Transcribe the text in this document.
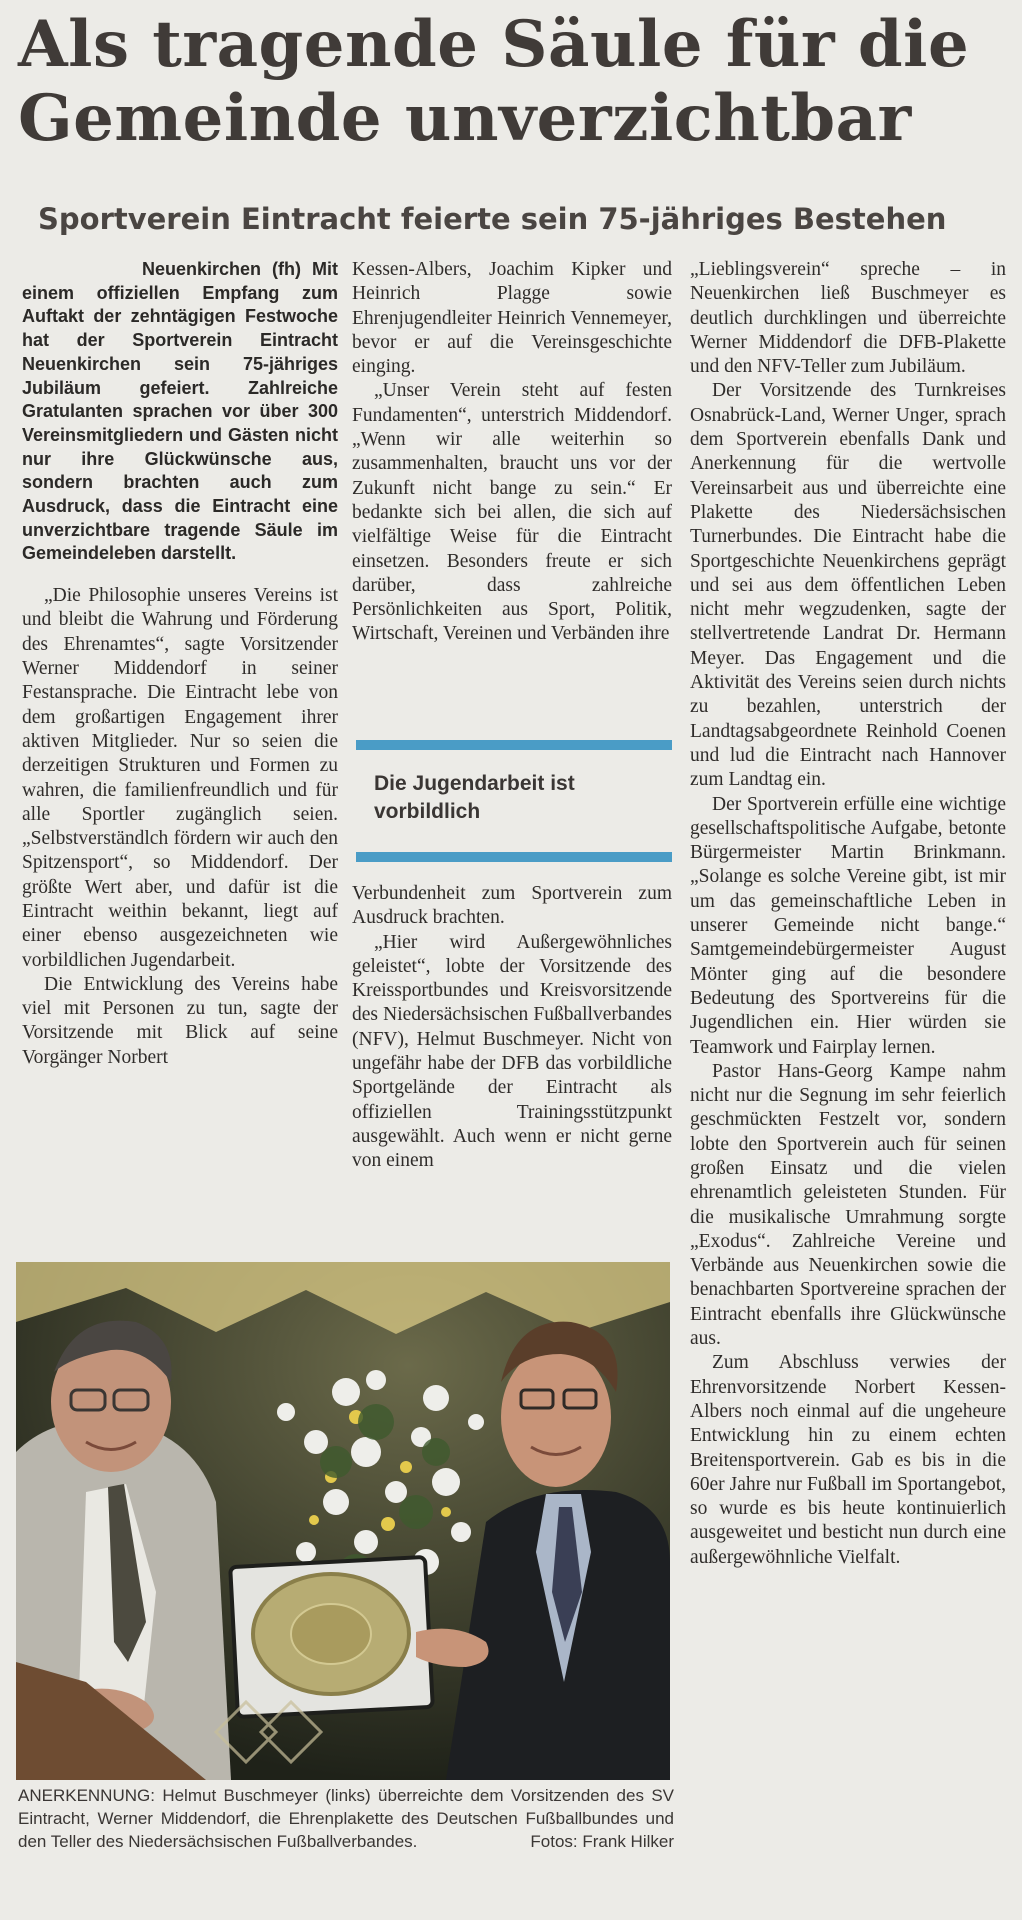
Als tragende Säule für die
Gemeinde unverzichtbar
Sportverein Eintracht feierte sein 75-jähriges Bestehen

Neuenkirchen (fh) Mit einem offiziellen Empfang zum Auftakt der zehntägigen Festwoche hat der Sportverein Eintracht Neuenkirchen sein 75-jähriges Jubiläum gefeiert. Zahlreiche Gratulanten sprachen vor über 300 Vereinsmitgliedern und Gästen nicht nur ihre Glückwünsche aus, sondern brachten auch zum Ausdruck, dass die Eintracht eine unverzichtbare tragende Säule im Gemeindeleben darstellt.

„Die Philosophie unseres Vereins ist und bleibt die Wahrung und Förderung des Ehrenamtes“, sagte Vorsitzender Werner Middendorf in seiner Festansprache. Die Eintracht lebe von dem großartigen Engagement ihrer aktiven Mitglieder. Nur so seien die derzeitigen Strukturen und Formen zu wahren, die familienfreundlich und für alle Sportler zugänglich seien. „Selbstverständlch fördern wir auch den Spitzensport“, so Middendorf. Der größte Wert aber, und dafür ist die Eintracht weithin bekannt, liegt auf einer ebenso ausgezeichneten wie vorbildlichen Jugendarbeit.

Die Entwicklung des Vereins habe viel mit Personen zu tun, sagte der Vorsitzende mit Blick auf seine Vorgänger Norbert

Kessen-Albers, Joachim Kipker und Heinrich Plagge sowie Ehrenjugendleiter Heinrich Vennemeyer, bevor er auf die Vereinsgeschichte einging.

„Unser Verein steht auf festen Fundamenten“, unterstrich Middendorf. „Wenn wir alle weiterhin so zusammenhalten, braucht uns vor der Zukunft nicht bange zu sein.“ Er bedankte sich bei allen, die sich auf vielfältige Weise für die Eintracht einsetzen. Besonders freute er sich darüber, dass zahlreiche Persönlichkeiten aus Sport, Politik, Wirtschaft, Vereinen und Verbänden ihre

Die Jugendarbeit ist vorbildlich

Verbundenheit zum Sportverein zum Ausdruck brachten.

„Hier wird Außergewöhnliches geleistet“, lobte der Vorsitzende des Kreissportbundes und Kreisvorsitzende des Niedersächsischen Fußballverbandes (NFV), Helmut Buschmeyer. Nicht von ungefähr habe der DFB das vorbildliche Sportgelände der Eintracht als offiziellen Trainingsstützpunkt ausgewählt. Auch wenn er nicht gerne von einem

„Lieblingsverein“ spreche – in Neuenkirchen ließ Buschmeyer es deutlich durchklingen und überreichte Werner Middendorf die DFB-Plakette und den NFV-Teller zum Jubiläum.

Der Vorsitzende des Turnkreises Osnabrück-Land, Werner Unger, sprach dem Sportverein ebenfalls Dank und Anerkennung für die wertvolle Vereinsarbeit aus und überreichte eine Plakette des Niedersächsischen Turnerbundes. Die Eintracht habe die Sportgeschichte Neuenkirchens geprägt und sei aus dem öffentlichen Leben nicht mehr wegzudenken, sagte der stellvertretende Landrat Dr. Hermann Meyer. Das Engagement und die Aktivität des Vereins seien durch nichts zu bezahlen, unterstrich der Landtagsabgeordnete Reinhold Coenen und lud die Eintracht nach Hannover zum Landtag ein.

Der Sportverein erfülle eine wichtige gesellschaftspolitische Aufgabe, betonte Bürgermeister Martin Brinkmann. „Solange es solche Vereine gibt, ist mir um das gemeinschaftliche Leben in unserer Gemeinde nicht bange.“ Samtgemeindebürgermeister August Mönter ging auf die besondere Bedeutung des Sportvereins für die Jugendlichen ein. Hier würden sie Teamwork und Fairplay lernen.

Pastor Hans-Georg Kampe nahm nicht nur die Segnung im sehr feierlich geschmückten Festzelt vor, sondern lobte den Sportverein auch für seinen großen Einsatz und die vielen ehrenamtlich geleisteten Stunden. Für die musikalische Umrahmung sorgte „Exodus“. Zahlreiche Vereine und Verbände aus Neuenkirchen sowie die benachbarten Sportvereine sprachen der Eintracht ebenfalls ihre Glückwünsche aus.

Zum Abschluss verwies der Ehrenvorsitzende Norbert Kessen-Albers noch einmal auf die ungeheure Entwicklung hin zu einem echten Breitensportverein. Gab es bis in die 60er Jahre nur Fußball im Sportangebot, so wurde es bis heute kontinuierlich ausgeweitet und besticht nun durch eine außergewöhnliche Vielfalt.

ANERKENNUNG: Helmut Buschmeyer (links) überreichte dem Vorsitzenden des SV Eintracht, Werner Middendorf, die Ehrenplakette des Deutschen Fußballbundes und den Teller des Niedersächsischen Fußballverbandes.	Fotos: Frank Hilker
